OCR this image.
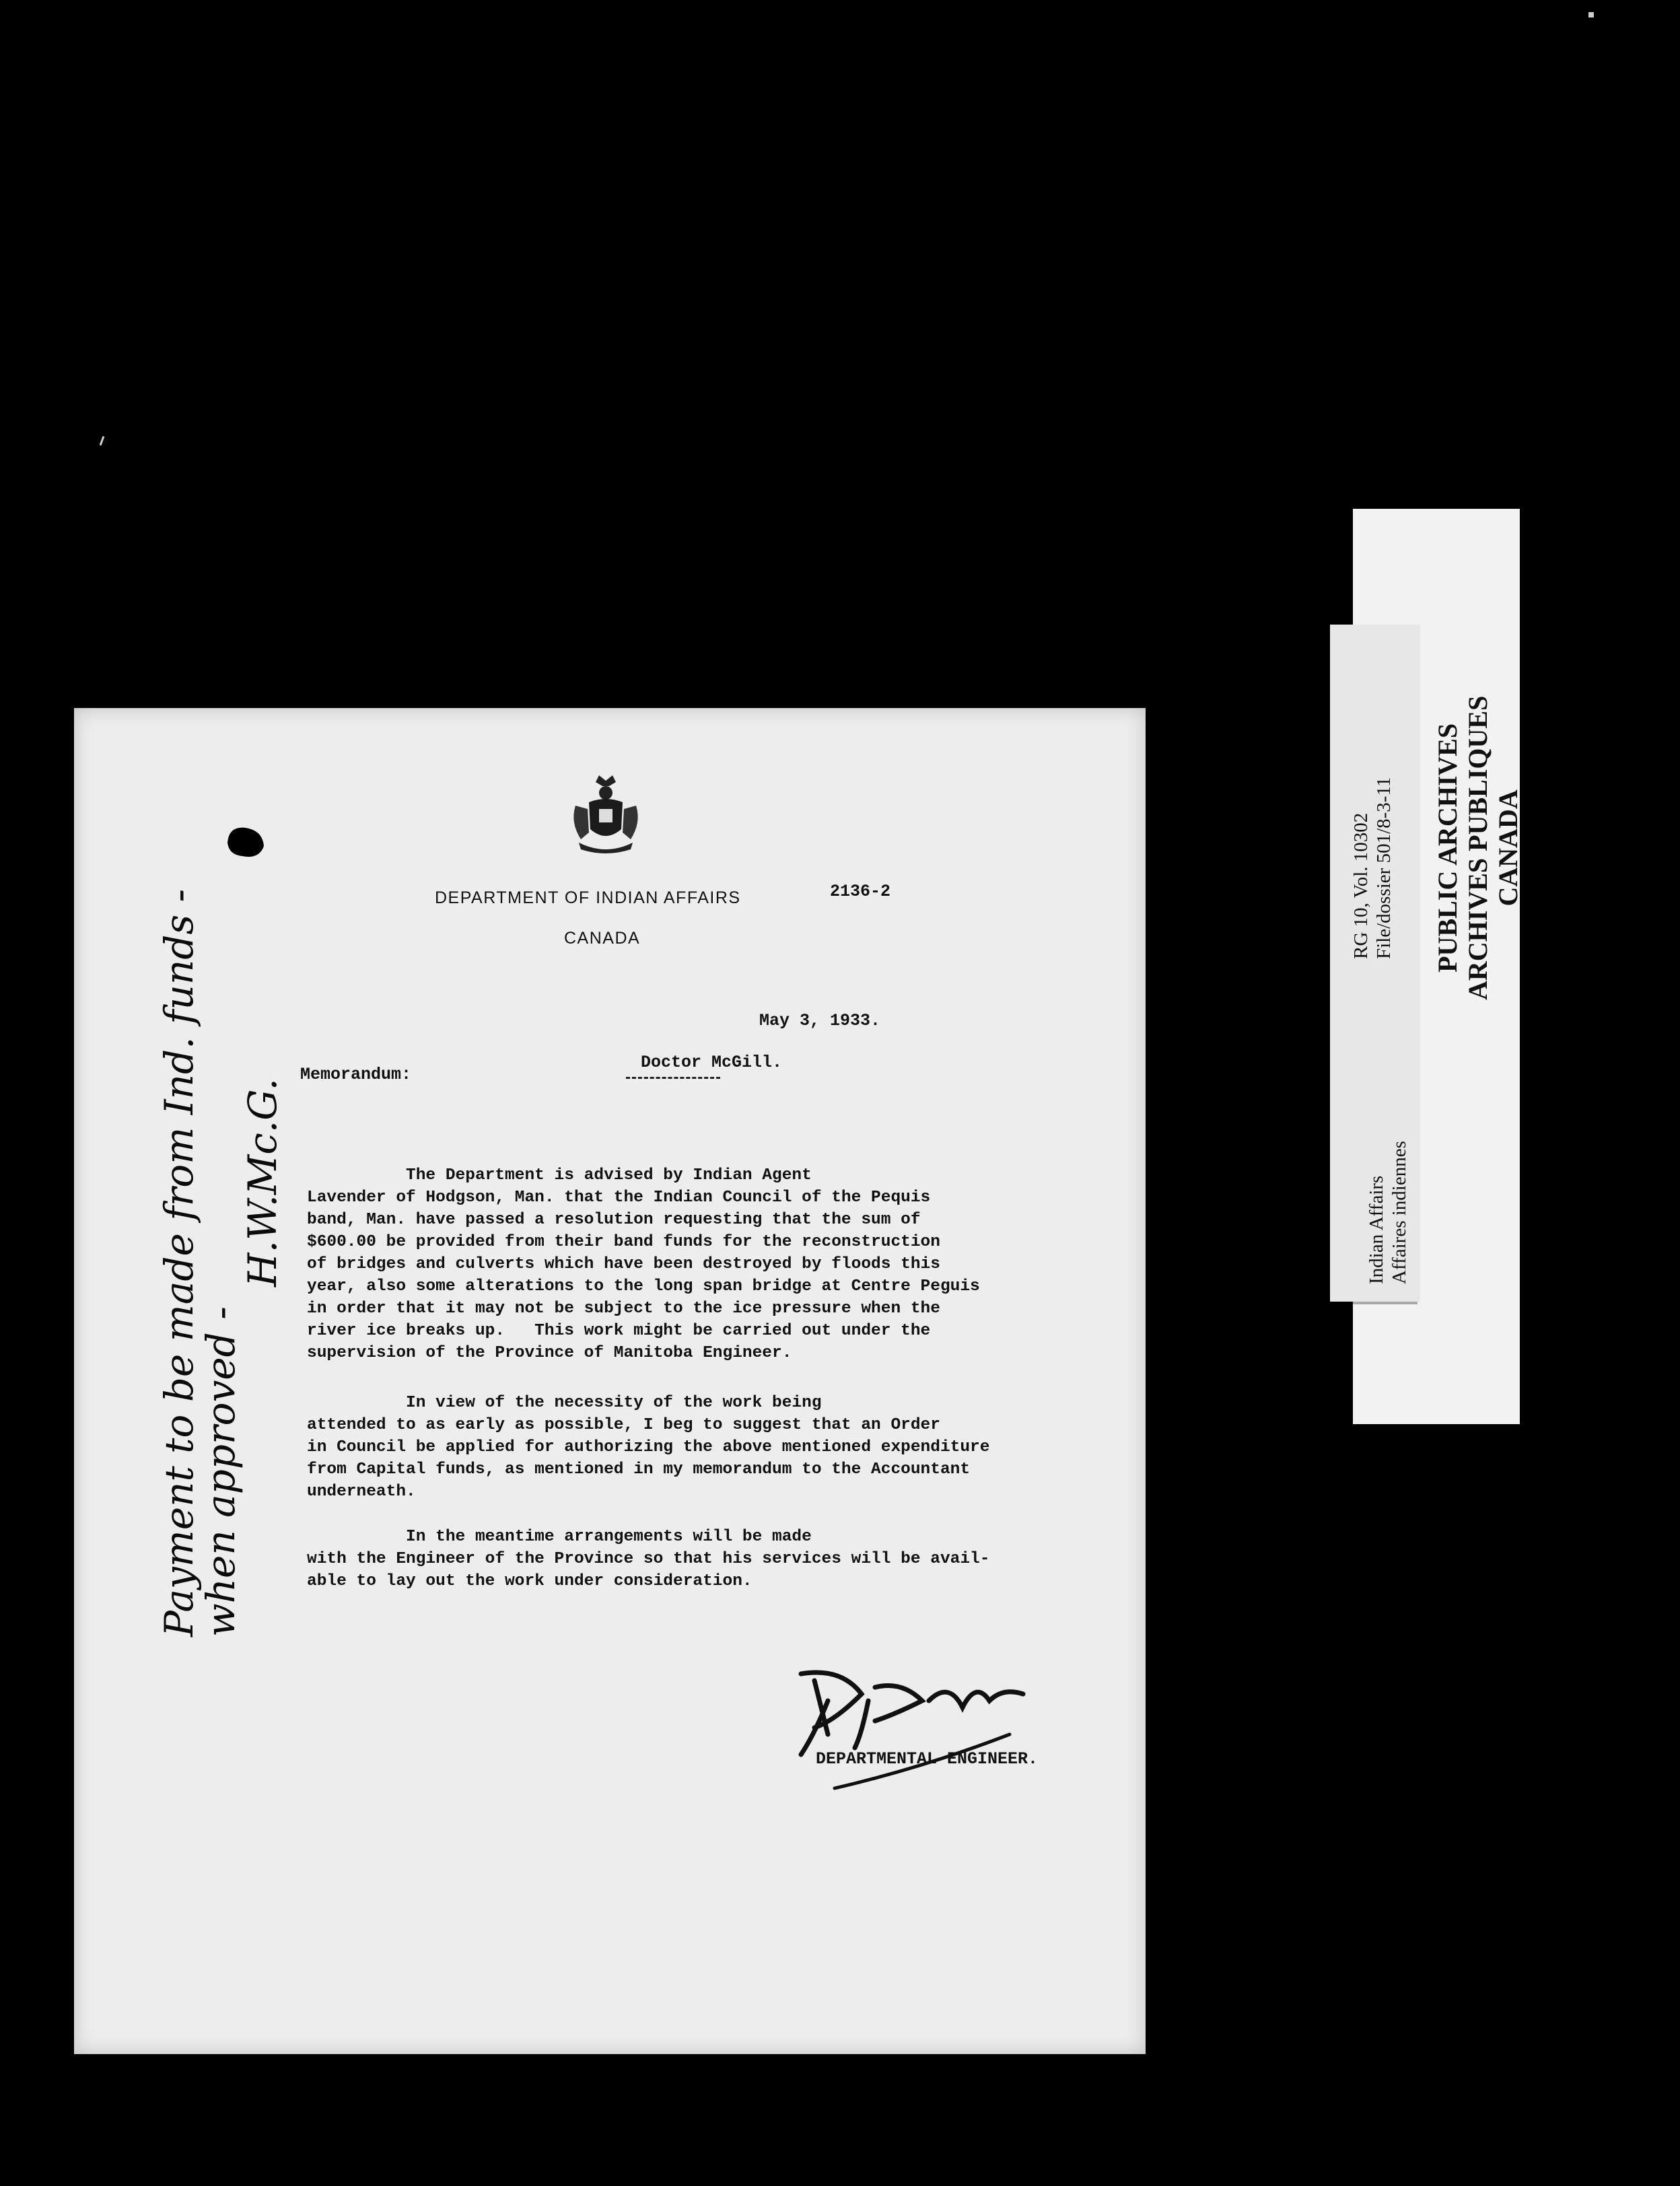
PUBLIC ARCHIVES ARCHIVES PUBLIQUES CANADA
Indian Affairs Affaires indiennes
RG 10, Vol. 10302 File/dossier 501/8-3-11
DEPARTMENT OF INDIAN AFFAIRS	2136-2
CANADA
May 3, 1933.
Memorandum:
Doctor McGill.
The Department is advised by Indian Agent
Lavender of Hodgson, Man. that the Indian Council of the Pequis
band, Man. have passed a resolution requesting that the sum of
$600.00 be provided from their band funds for the reconstruction
of bridges and culverts which have been destroyed by floods this
year, also some alterations to the long span bridge at Centre Peguis
in order that it may not be subject to the ice pressure when the
river ice breaks up.   This work might be carried out under the
supervision of the Province of Manitoba Engineer.
In view of the necessity of the work being
attended to as early as possible, I beg to suggest that an Order
in Council be applied for authorizing the above mentioned expenditure
from Capital funds, as mentioned in my memorandum to the Accountant
underneath.
In the meantime arrangements will be made
with the Engineer of the Province so that his services will be avail-
able to lay out the work under consideration.
DEPARTMENTAL ENGINEER.
Payment to be made from Ind. funds -
when approved -
H.W.Mc.G.
